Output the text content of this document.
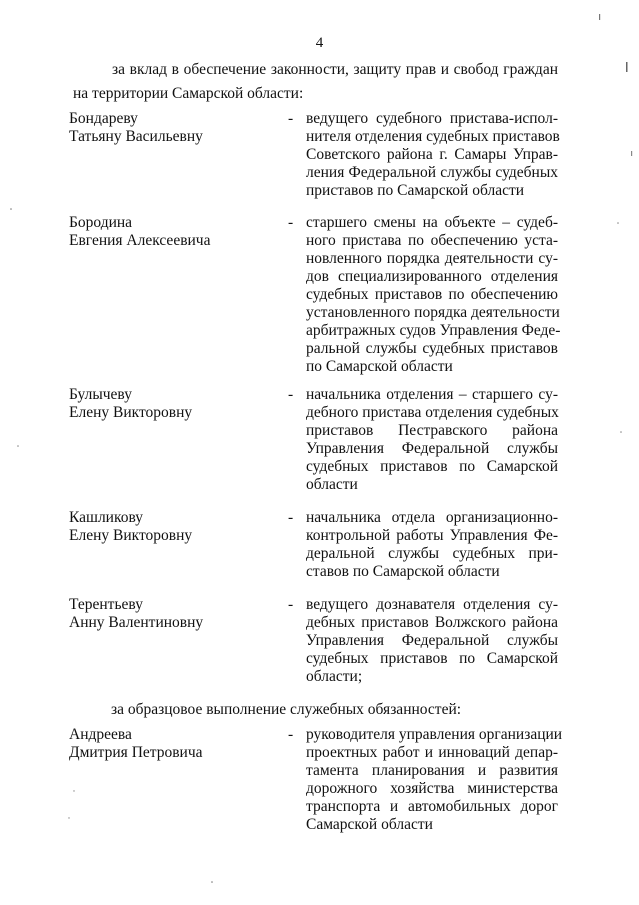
4
за вклад в обеспечение законности, защиту прав и свобод граждан
на территории Самарской области:
Бондареву
Татьяну Васильевну
- ведущего судебного пристава-испол-
нителя отделения судебных приставов
Советского района г. Самары Управ-
ления Федеральной службы судебных
приставов по Самарской области
Бородина
Евгения Алексеевича
- старшего смены на объекте – судеб-
ного пристава по обеспечению уста-
новленного порядка деятельности су-
дов специализированного отделения
судебных приставов по обеспечению
установленного порядка деятельности
арбитражных судов Управления Феде-
ральной службы судебных приставов
по Самарской области
Булычеву
Елену Викторовну
- начальника отделения – старшего су-
дебного пристава отделения судебных
приставов Пестравского района
Управления Федеральной службы
судебных приставов по Самарской
области
Кашликову
Елену Викторовну
- начальника отдела организационно-
контрольной работы Управления Фе-
деральной службы судебных при-
ставов по Самарской области
Терентьеву
Анну Валентиновну
- ведущего дознавателя отделения су-
дебных приставов Волжского района
Управления Федеральной службы
судебных приставов по Самарской
области;
за образцовое выполнение служебных обязанностей:
Андреева
Дмитрия Петровича
- руководителя управления организации
проектных работ и инноваций депар-
тамента планирования и развития
дорожного хозяйства министерства
транспорта и автомобильных дорог
Самарской области
